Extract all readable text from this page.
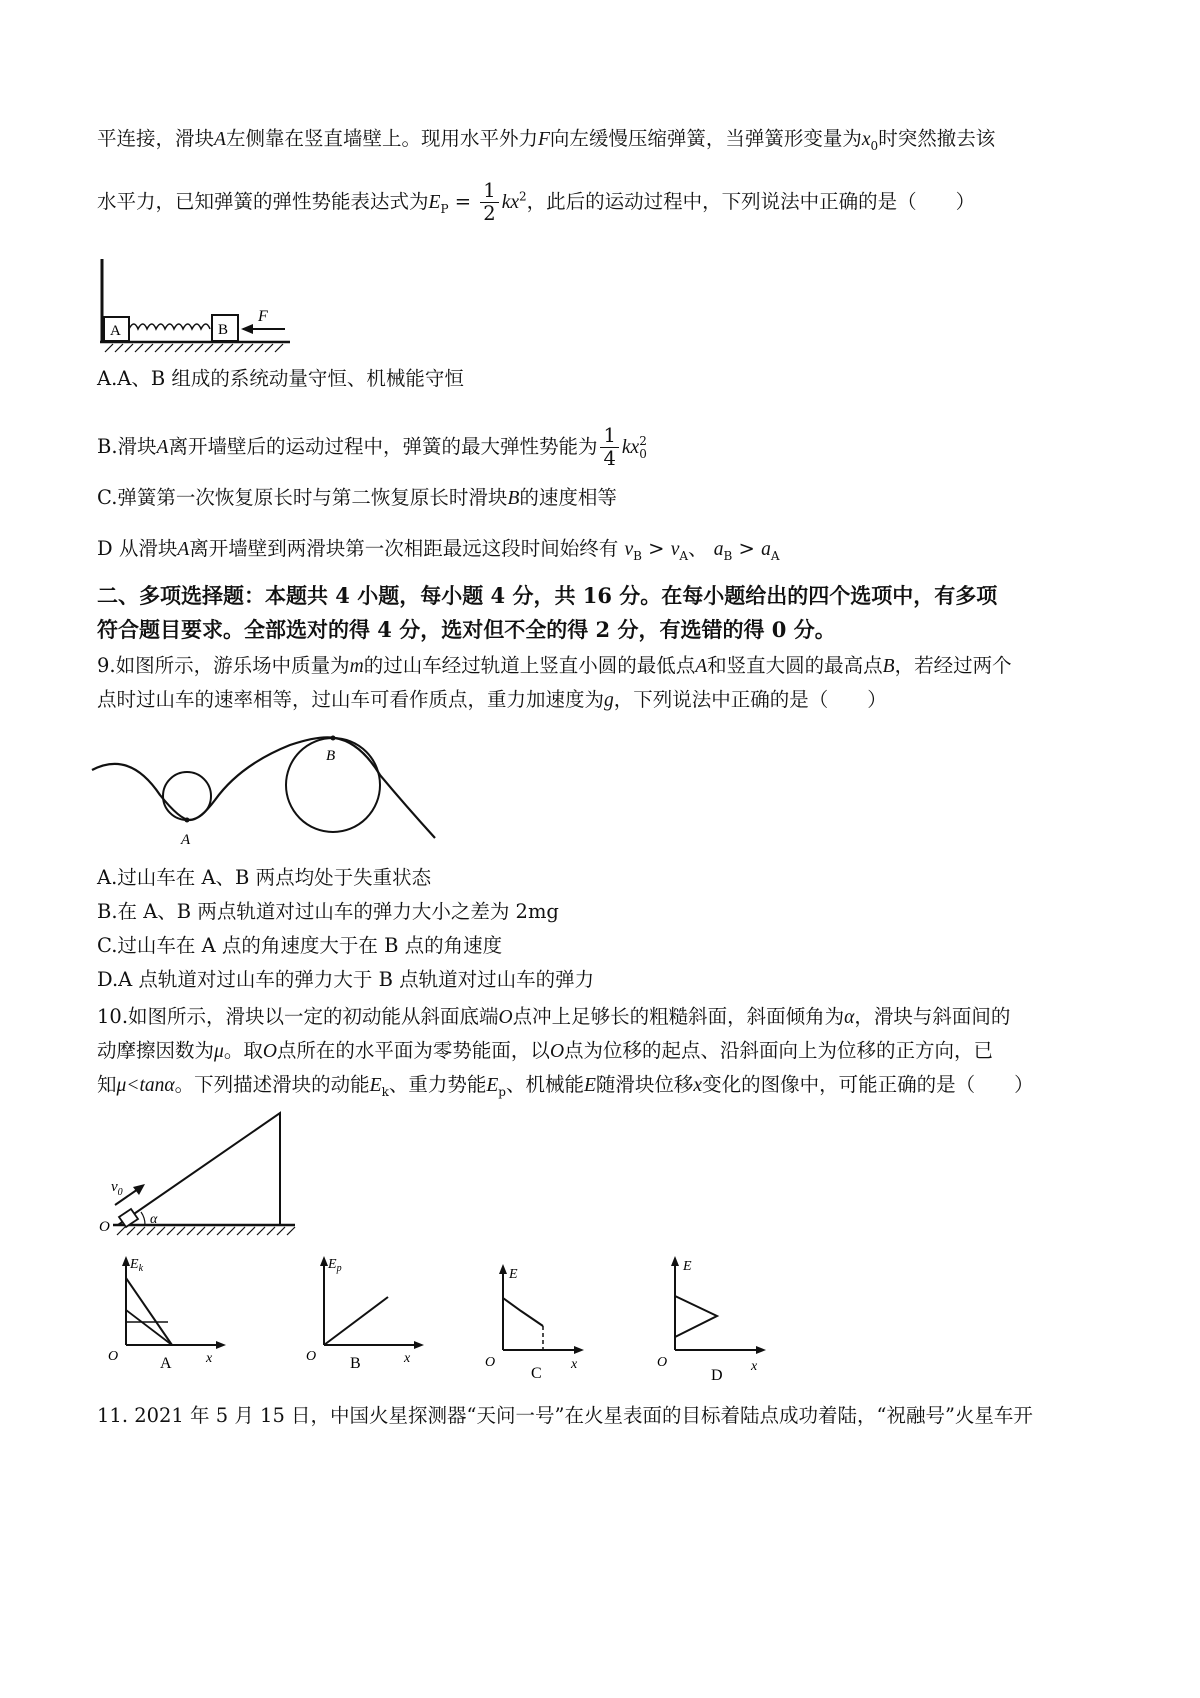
平连接，滑块A左侧靠在竖直墙壁上。现用水平外力F向左缓慢压缩弹簧，当弹簧形变量为$x_0$时突然撤去该
水平力，已知弹簧的弹性势能表达式为$E_P = \frac{1}{2} kx^2$，此后的运动过程中，下列说法中正确的是（　　）
A	B
F
A.A、B 组成的系统动量守恒、机械能守恒
B.滑块A离开墙壁后的运动过程中，弹簧的最大弹性势能为 $\frac{1}{4}$ kx 2
0
C.弹簧第一次恢复原长时与第二恢复原长时滑块B的速度相等
D 从滑块A离开墙壁到两滑块第一次相距最远这段时间始终有 $v_B > v_A$、 $a_B > a_A$
二、多项选择题：本题共 4 小题，每小题 4 分，共 16 分。在每小题给出的四个选项中，有多项
符合题目要求。全部选对的得 4 分，选对但不全的得 2 分，有选错的得 0 分。
9.如图所示，游乐场中质量为m的过山车经过轨道上竖直小圆的最低点A和竖直大圆的最高点B，若经过两个
点时过山车的速率相等，过山车可看作质点，重力加速度为g，下列说法中正确的是（　　）
A
B
A.过山车在 A、B 两点均处于失重状态
B.在 A、B 两点轨道对过山车的弹力大小之差为 2mg
C.过山车在 A 点的角速度大于在 B 点的角速度
D.A 点轨道对过山车的弹力大于 B 点轨道对过山车的弹力
10.如图所示，滑块以一定的初动能从斜面底端O点冲上足够长的粗糙斜面，斜面倾角为α，滑块与斜面间的
动摩擦因数为μ。取O点所在的水平面为零势能面，以O点为位移的起点、沿斜面向上为位移的正方向，已
知μ<tanα。下列描述滑块的动能$E_k$、重力势能$E_p$、机械能E随滑块位移x变化的图像中，可能正确的是（　　）
$v_0$
O	α
$E_k$
O	x
A
$E_p$
O	x
B
E
O	x
C
E
O	x
D
11. 2021 年 5 月 15 日，中国火星探测器“天问一号”在火星表面的目标着陆点成功着陆，“祝融号”火星车开
